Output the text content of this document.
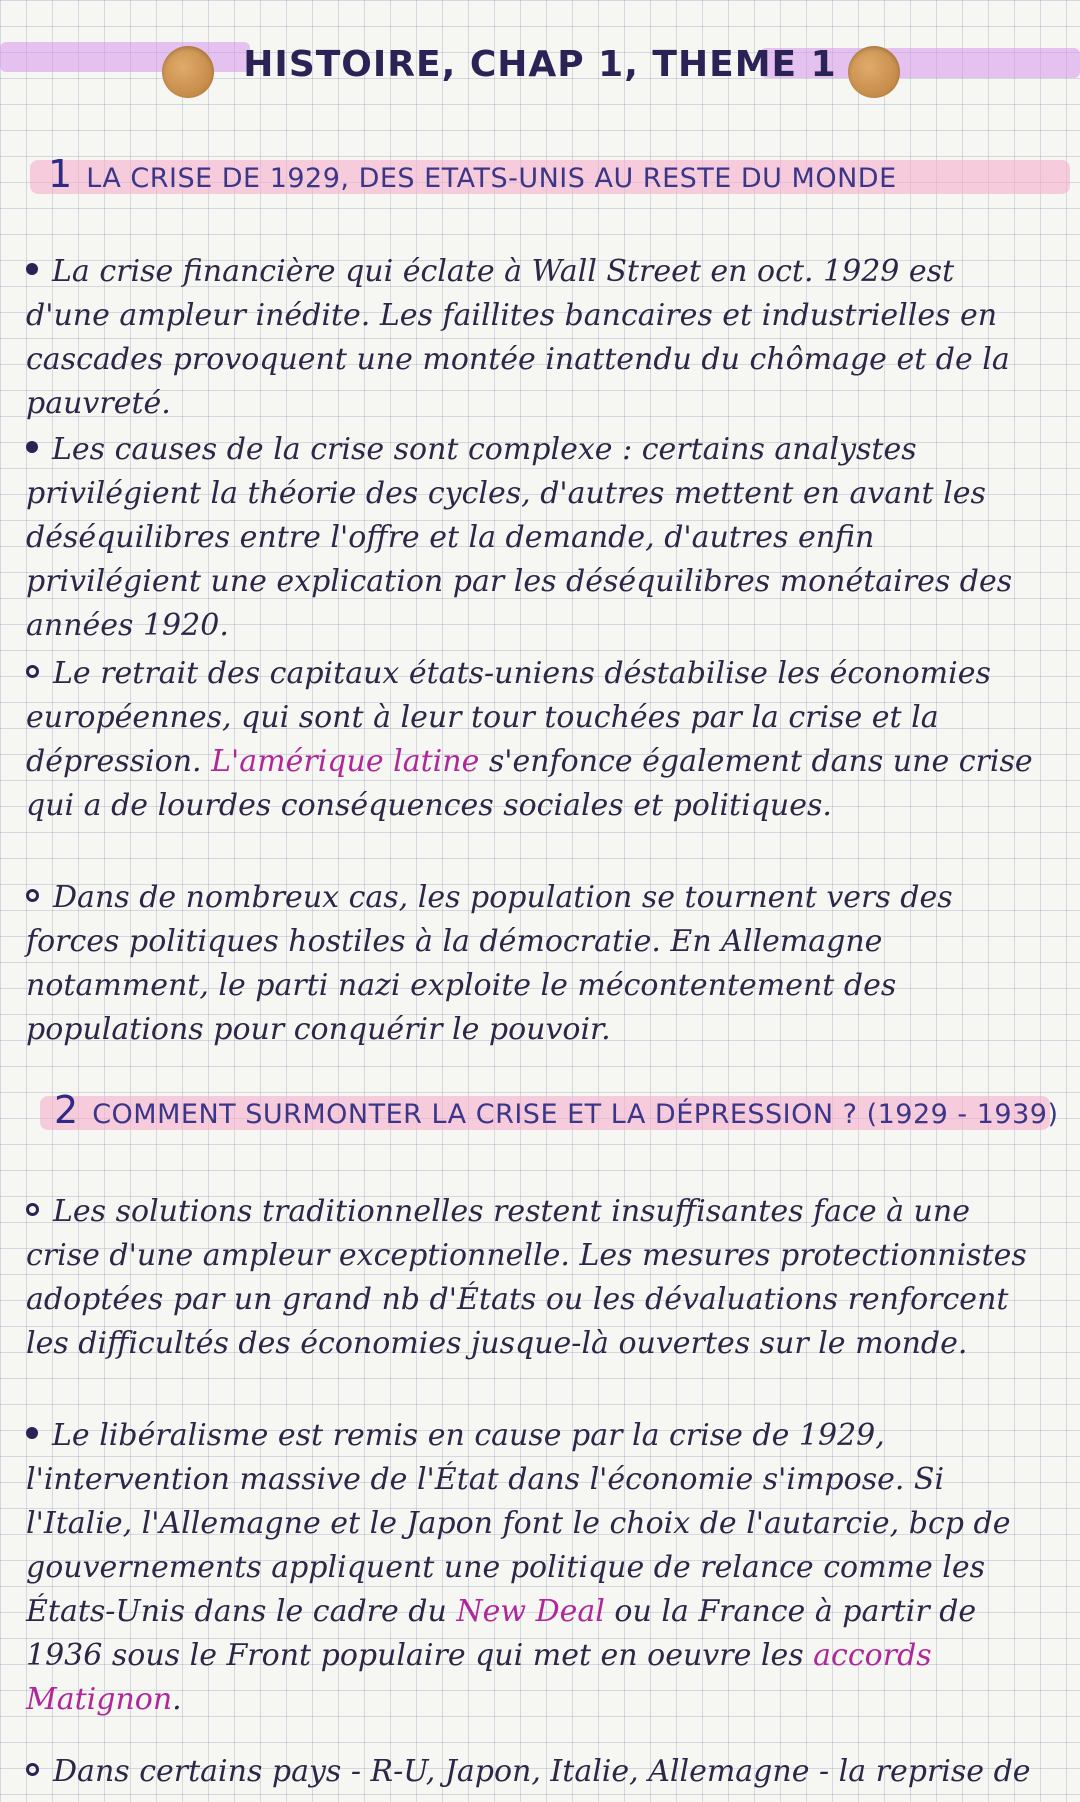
HISTOIRE, CHAP 1, THEME 1
1 LA CRISE DE 1929, DES ETATS-UNIS AU RESTE DU MONDE
La crise financière qui éclate à Wall Street en oct. 1929 est d'une ampleur inédite. Les faillites bancaires et industrielles en cascades provoquent une montée inattendu du chômage et de la pauvreté.
Les causes de la crise sont complexe : certains analystes privilégient la théorie des cycles, d'autres mettent en avant les déséquilibres entre l'offre et la demande, d'autres enfin privilégient une explication par les déséquilibres monétaires des années 1920.
Le retrait des capitaux états-uniens déstabilise les économies européennes, qui sont à leur tour touchées par la crise et la dépression. L'amérique latine s'enfonce également dans une crise qui a de lourdes conséquences sociales et politiques.
Dans de nombreux cas, les population se tournent vers des forces politiques hostiles à la démocratie. En Allemagne notamment, le parti nazi exploite le mécontentement des populations pour conquérir le pouvoir.
2 COMMENT SURMONTER LA CRISE ET LA DÉPRESSION ? (1929 - 1939)
Les solutions traditionnelles restent insuffisantes face à une crise d'une ampleur exceptionnelle. Les mesures protectionnistes adoptées par un grand nb d'États ou les dévaluations renforcent les difficultés des économies jusque-là ouvertes sur le monde.
Le libéralisme est remis en cause par la crise de 1929, l'intervention massive de l'État dans l'économie s'impose. Si l'Italie, l'Allemagne et le Japon font le choix de l'autarcie, bcp de gouvernements appliquent une politique de relance comme les États-Unis dans le cadre du New Deal ou la France à partir de 1936 sous le Front populaire qui met en oeuvre les accords Matignon.
Dans certains pays - R-U, Japon, Italie, Allemagne - la reprise de
